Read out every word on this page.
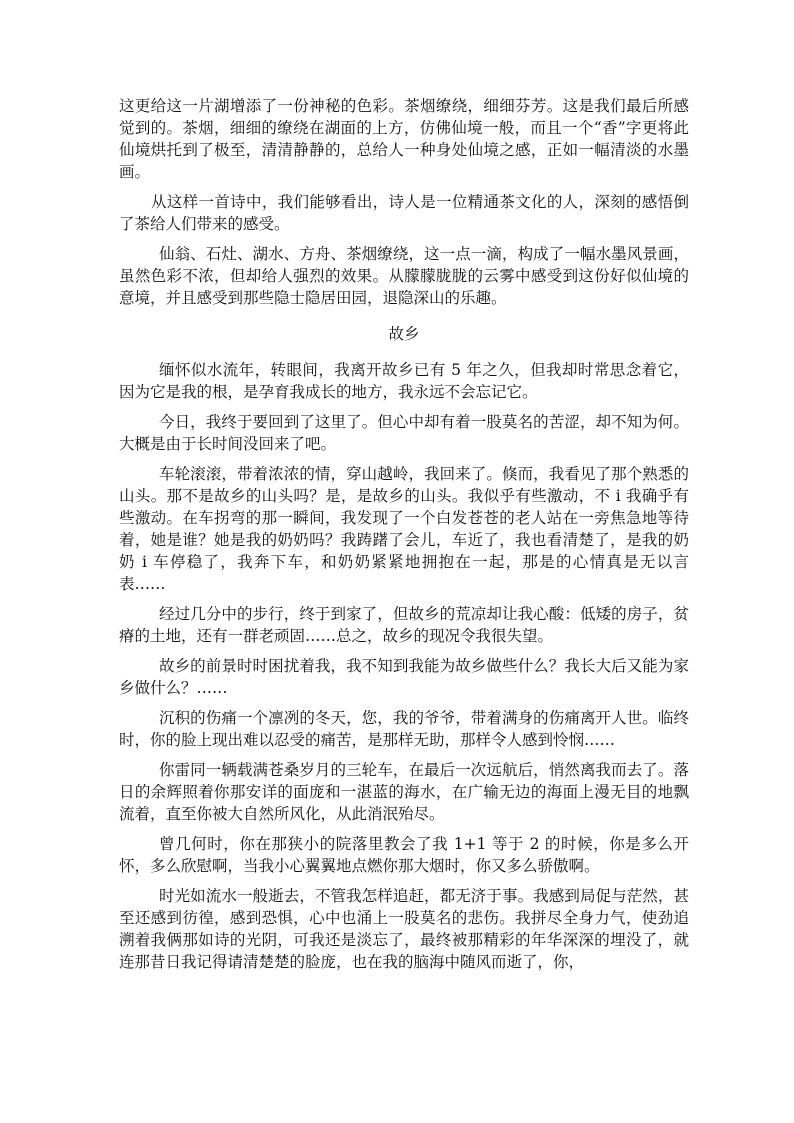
这更给这一片湖增添了一份神秘的色彩。茶烟缭绕，细细芬芳。这是我们最后所感觉到的。茶烟，细细的缭绕在湖面的上方，仿佛仙境一般，而且一个“香”字更将此仙境烘托到了极至，清清静静的，总给人一种身处仙境之感，正如一幅清淡的水墨画。

从这样一首诗中，我们能够看出，诗人是一位精通茶文化的人，深刻的感悟倒了茶给人们带来的感受。

仙翁、石灶、湖水、方舟、茶烟缭绕，这一点一滴，构成了一幅水墨风景画，虽然色彩不浓，但却给人强烈的效果。从朦朦胧胧的云雾中感受到这份好似仙境的意境，并且感受到那些隐士隐居田园，退隐深山的乐趣。

故乡

缅怀似水流年，转眼间，我离开故乡已有 5 年之久，但我却时常思念着它，因为它是我的根，是孕育我成长的地方，我永远不会忘记它。

今日，我终于要回到了这里了。但心中却有着一股莫名的苦涩，却不知为何。大概是由于长时间没回来了吧。

车轮滚滚，带着浓浓的情，穿山越岭，我回来了。倏而，我看见了那个熟悉的山头。那不是故乡的山头吗？是，是故乡的山头。我似乎有些激动，不 i 我确乎有些激动。在车拐弯的那一瞬间，我发现了一个白发苍苍的老人站在一旁焦急地等待着，她是谁？她是我的奶奶吗？我踌躇了会儿，车近了，我也看清楚了，是我的奶奶 i 车停稳了，我奔下车，和奶奶紧紧地拥抱在一起，那是的心情真是无以言表……

经过几分中的步行，终于到家了，但故乡的荒凉却让我心酸：低矮的房子，贫瘠的土地，还有一群老顽固……总之，故乡的现况令我很失望。

故乡的前景时时困扰着我，我不知到我能为故乡做些什么？我长大后又能为家乡做什么？……

沉积的伤痛一个凛冽的冬天，您，我的爷爷，带着满身的伤痛离开人世。临终时，你的脸上现出难以忍受的痛苦，是那样无助，那样令人感到怜悯……

你雷同一辆载满苍桑岁月的三轮车，在最后一次远航后，悄然离我而去了。落日的余辉照着你那安详的面庞和一湛蓝的海水，在广输无边的海面上漫无目的地飘流着，直至你被大自然所风化，从此消泯殆尽。

曾几何时，你在那狭小的院落里教会了我 1+1 等于 2 的时候，你是多么开怀，多么欣慰啊，当我小心翼翼地点燃你那大烟时，你又多么骄傲啊。

时光如流水一般逝去，不管我怎样追赶，都无济于事。我感到局促与茫然，甚至还感到彷徨，感到恐惧，心中也涌上一股莫名的悲伤。我拼尽全身力气，使劲追溯着我俩那如诗的光阴，可我还是淡忘了，最终被那精彩的年华深深的埋没了，就连那昔日我记得请清楚楚的脸庞，也在我的脑海中随风而逝了，你，
